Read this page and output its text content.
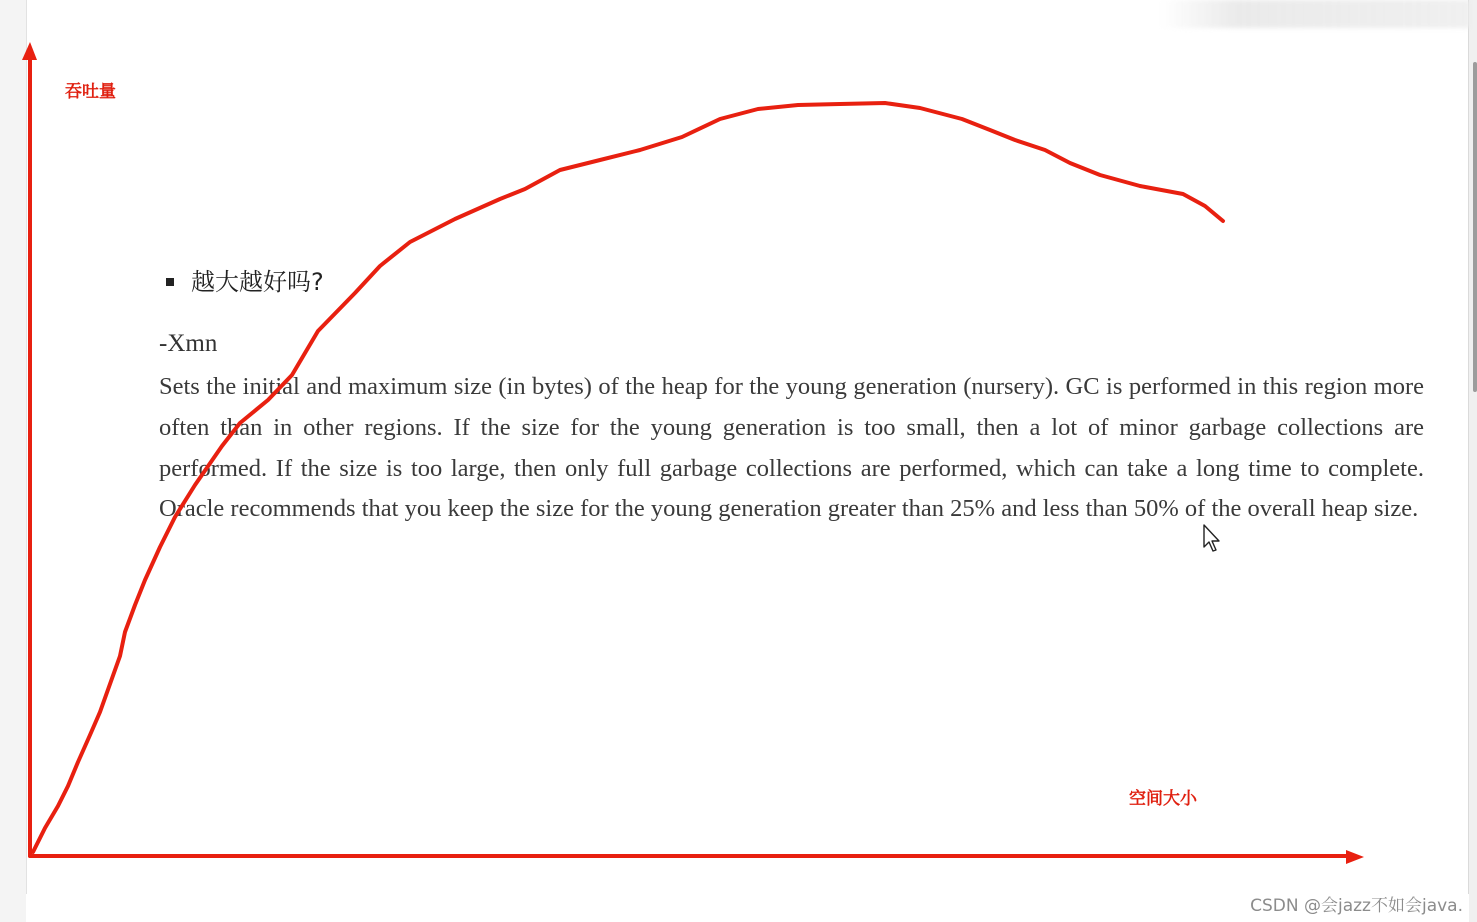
越大越好吗?
-Xmn

Sets the initial and maximum size (in bytes) of the heap for the young generation (nursery). GC is performed in this region more often than in other regions. If the size for the young generation is too small, then a lot of minor garbage collections are performed. If the size is too large, then only full garbage collections are performed, which can take a long time to complete. Oracle recommends that you keep the size for the young generation greater than 25% and less than 50% of the overall heap size.

吞吐量
空间大小
CSDN @会jazz不如会java.
